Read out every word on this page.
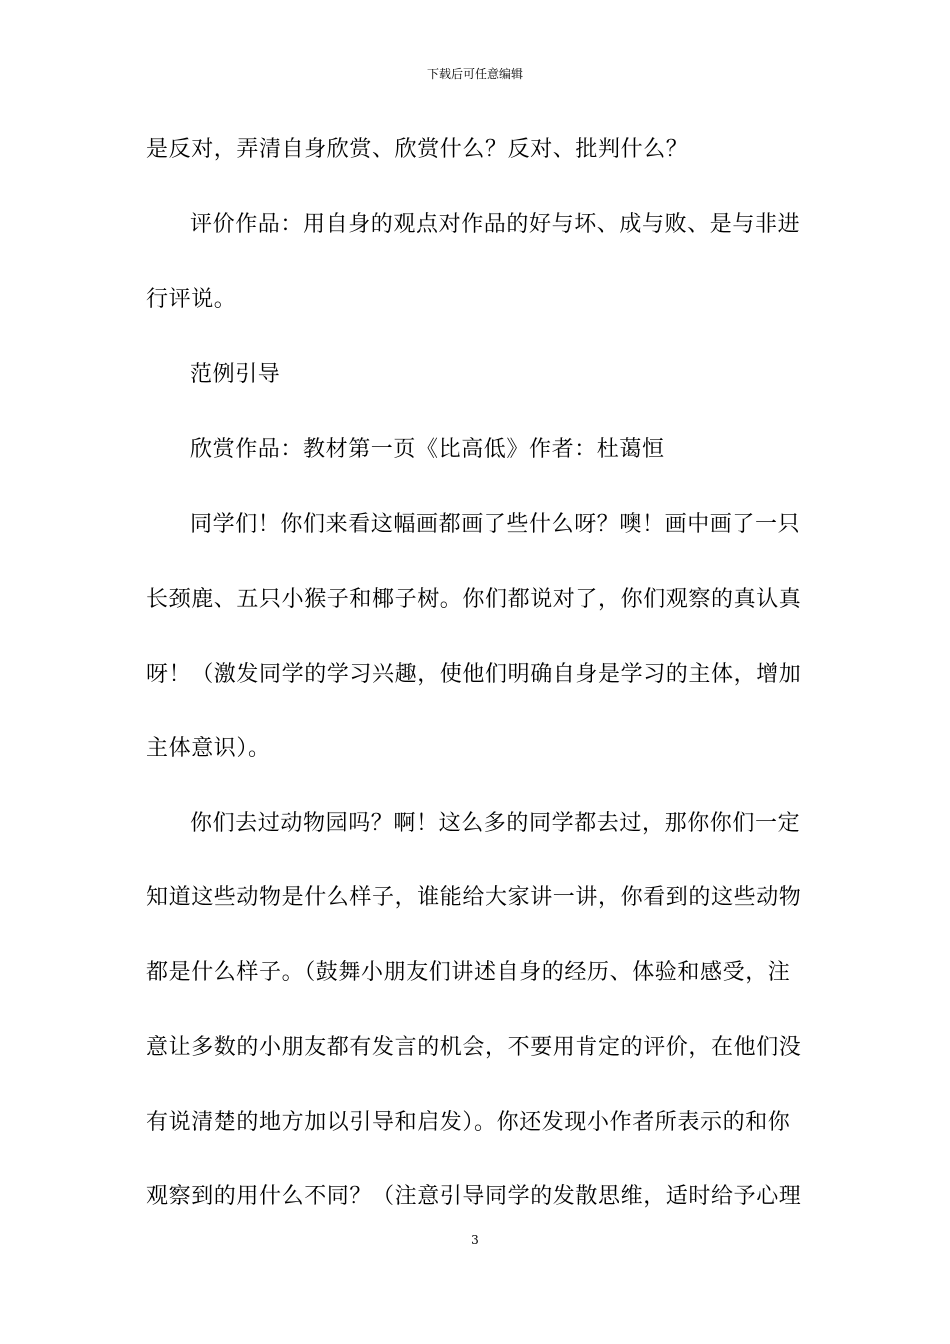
下载后可任意编辑
是反对，弄清自身欣赏、欣赏什么？反对、批判什么？
评价作品：用自身的观点对作品的好与坏、成与败、是与非进
行评说。
范例引导
欣赏作品：教材第一页《比高低》作者：杜蔼恒
同学们！你们来看这幅画都画了些什么呀？噢！画中画了一只
长颈鹿、五只小猴子和椰子树。你们都说对了，你们观察的真认真
呀！（激发同学的学习兴趣，使他们明确自身是学习的主体，增加
主体意识）。
你们去过动物园吗？啊！这么多的同学都去过，那你你们一定
知道这些动物是什么样子，谁能给大家讲一讲，你看到的这些动物
都是什么样子。（鼓舞小朋友们讲述自身的经历、体验和感受，注
意让多数的小朋友都有发言的机会，不要用肯定的评价，在他们没
有说清楚的地方加以引导和启发）。你还发现小作者所表示的和你
观察到的用什么不同？（注意引导同学的发散思维，适时给予心理
3
